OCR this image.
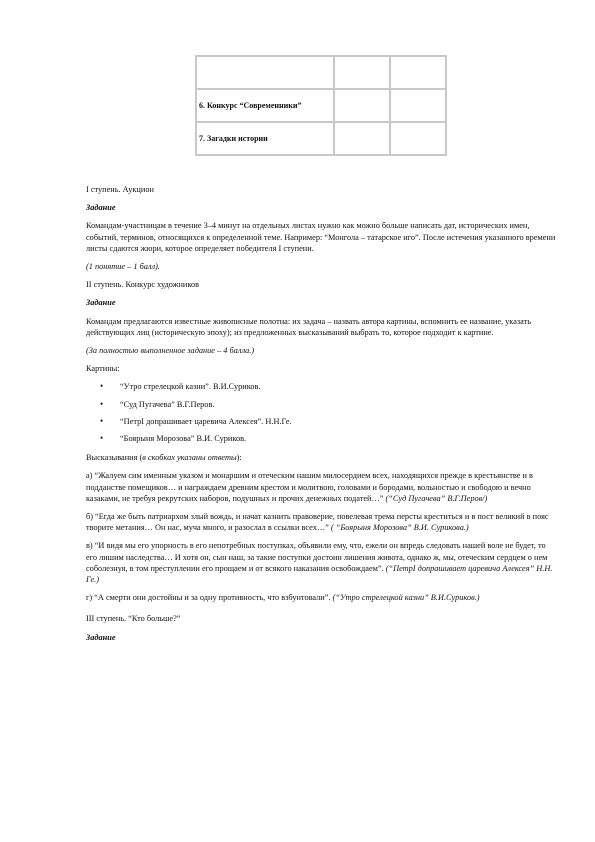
6. Конкурс “Современники”		
7. Загадки истории		
I ступень. Аукцион
Задание
Командам-участницам в течение 3–4 минут на отдельных листах нужно как можно больше написать дат, исторических имен, событий, терминов, относящихся к определенной теме. Например: “Монгола – татарское иго”. После истечения указанного времени листы сдаются жюри, которое определяет победителя I ступени.
(1 понятие – 1 балл).
II ступень. Конкурс художников
Задание
Командам предлагаются известные живописные полотна: их задача – назвать автора картины, вспомнить ее название, указать действующих лиц (историческую эпоху); из предложенных высказываний выбрать то, которое подходит к картине.
(За полностью выполненное задание – 4 балла.)
Картины:
• “Утро стрелецкой казни”. В.И.Суриков.
• “Суд Пугачева” В.Г.Перов.
• “ПетрI допрашивает царевича Алексея”. Н.Н.Ге.
• “Боярыня Морозова” В.И. Суриков.
Высказывания (в скобках указаны ответы):
а) “Жалуем сим именным указом и монаршим и отеческим нашим милосердием всех, находящихся прежде в крестьянстве и в подданстве помещиков… и награждаем древним крестом и молитвою, головами и бородами, вольностью и свободою и вечно казаками, не требуя рекрутских наборов, подушных и прочих денежных податей…” (“Суд Пугачева” В.Г.Перов/)
б) “Егда же быть патриархом злый вождь, и начат казнить правоверие, повелевая трема персты креститься и в пост великий в пояс творите метания… Он нас, муча много, и разослал в ссылки всех…” ( “Боярыня Морозова” В.И. Сурикова.)
в) “И видя мы его упорность в его непотребных поступках, объявили ему, что, ежели он впредь следовать нашей воле не будет, то его лишим наследства… И хотя он, сын наш, за такие поступки достоин лишения живота, однако ж, мы, отеческим сердцем о нем соболезнуя, в том преступлении его прощаем и от всякого наказания освобождаем”. (“ПетрI допрашивает царевича Алексея” Н.Н. Ге.)
г) “А смерти они достойны и за одну противность, что взбунтовали”. (“Утро стрелецкой казни” В.И.Суриков.)
III ступень. “Кто больше?”
Задание
